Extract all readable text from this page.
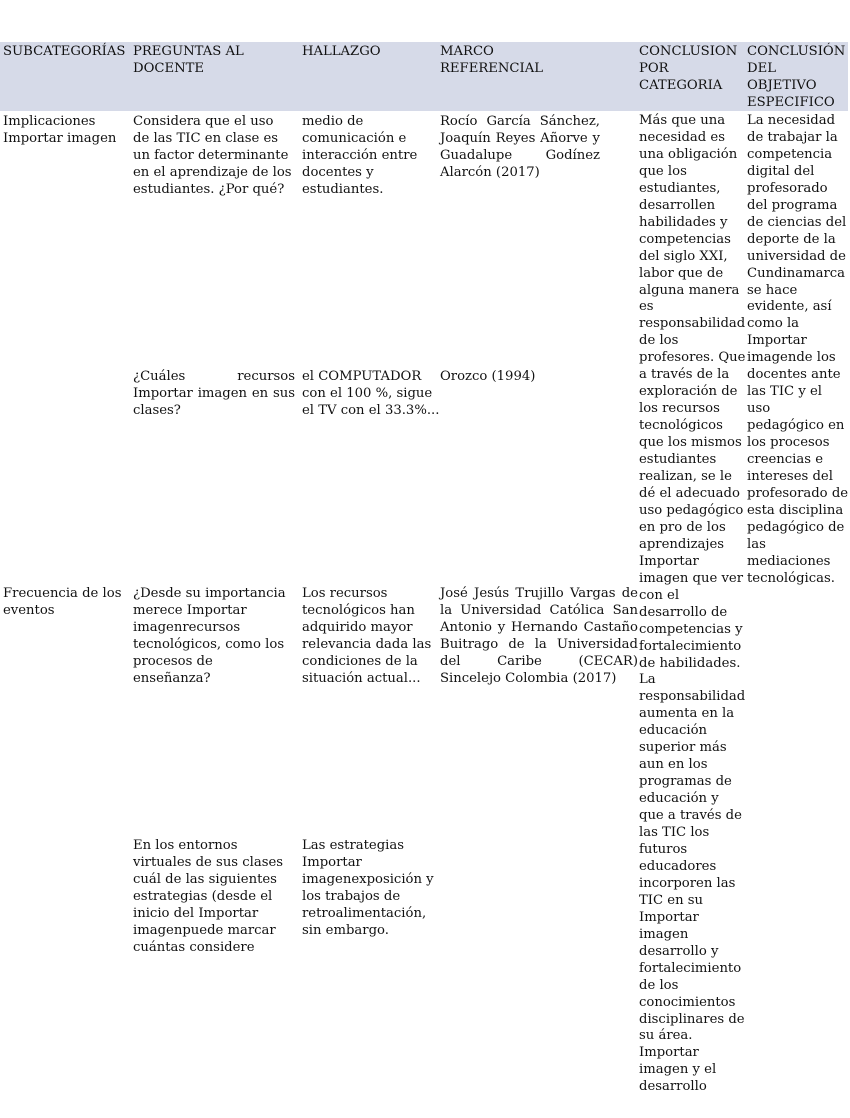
SUBCATEGORÍAS PREGUNTAS AL DOCENTE
HALLAZGO	MARCO REFERENCIAL
CONCLUSION POR CATEGORIA
CONCLUSIÓN DEL OBJETIVO ESPECIFICO
Implicaciones Importar imagen
Considera que el uso de las TIC en clase es un factor determinante en el aprendizaje de los estudiantes. ¿Por qué?
medio de comunicación e interacción entre docentes y estudiantes.
Rocío García Sánchez, Joaquín Reyes Añorve y Guadalupe Godínez Alarcón (2017)
¿Cuáles recursos Importar imagen en sus clases?
el COMPUTADOR con el 100 %, sigue el TV con el 33.3%...
Orozco (1994)
Frecuencia de los eventos
¿Desde su importancia merece Importar imagenrecursos tecnológicos, como los procesos de enseñanza?
Los recursos tecnológicos han adquirido mayor relevancia dada las condiciones de la situación actual...
José Jesús Trujillo Vargas de la Universidad Católica San Antonio y Hernando Castaño Buitrago de la Universidad del Caribe (CECAR) Sincelejo Colombia (2017)
En los entornos virtuales de sus clases cuál de las siguientes estrategias (desde el inicio del Importar imagenpuede marcar cuántas considere
Las estrategias Importar imagenexposición y los trabajos de retroalimentación, sin embargo.
Más que una necesidad es una obligación que los estudiantes, desarrollen habilidades y competencias del siglo XXI, labor que de alguna manera es responsabilidad de los profesores. Que a través de la exploración de los recursos tecnológicos que los mismos estudiantes realizan, se le dé el adecuado uso pedagógico en pro de los aprendizajes Importar imagen que ver con el desarrollo de competencias y fortalecimiento de habilidades. La responsabilidad aumenta en la educación superior más aun en los programas de educación y que a través de las TIC los futuros educadores incorporen las TIC en su Importar imagen desarrollo y fortalecimiento de los conocimientos disciplinares de su área. Importar imagen y el desarrollo
La necesidad de trabajar la competencia digital del profesorado del programa de ciencias del deporte de la universidad de Cundinamarca se hace evidente, así como la Importar imagende los docentes ante las TIC y el uso pedagógico en los procesos creencias e intereses del profesorado de esta disciplina pedagógico de las mediaciones tecnológicas.
